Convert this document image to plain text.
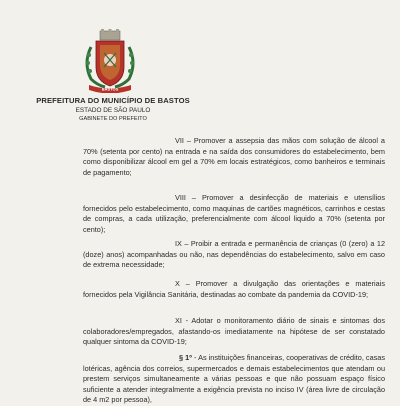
BASTOS
PREFEITURA DO MUNICÍPIO DE BASTOS
ESTADO DE SÃO PAULO
GABINETE DO PREFEITO

VII – Promover a assepsia das mãos com solução de álcool a 70% (setenta por cento) na entrada e na saída dos consumidores do estabelecimento, bem como disponibilizar álcool em gel a 70% em locais estratégicos, como banheiros e terminais de pagamento;

VIII – Promover a desinfecção de materiais e utensílios fornecidos pelo estabelecimento, como maquinas de cartões magnéticos, carrinhos e cestas de compras, a cada utilização, preferencialmente com álcool liquido a 70% (setenta por cento);

IX – Proibir a entrada e permanência de crianças (0 (zero) a 12 (doze) anos) acompanhadas ou não, nas dependências do estabelecimento, salvo em caso de extrema necessidade;

X – Promover a divulgação das orientações e materiais fornecidos pela Vigilância Sanitária, destinadas ao combate da pandemia da COVID-19;

XI - Adotar o monitoramento diário de sinais e sintomas dos colaboradores/empregados, afastando-os imediatamente na hipótese de ser constatado qualquer sintoma da COVID-19;

§ 1º - As instituições financeiras, cooperativas de crédito, casas lotéricas, agência dos correios, supermercados e demais estabelecimentos que atendam ou prestem serviços simultaneamente a várias pessoas e que não possuam espaço físico suficiente a atender integralmente a exigência prevista no inciso IV (área livre de circulação de 4 m2 por pessoa),
